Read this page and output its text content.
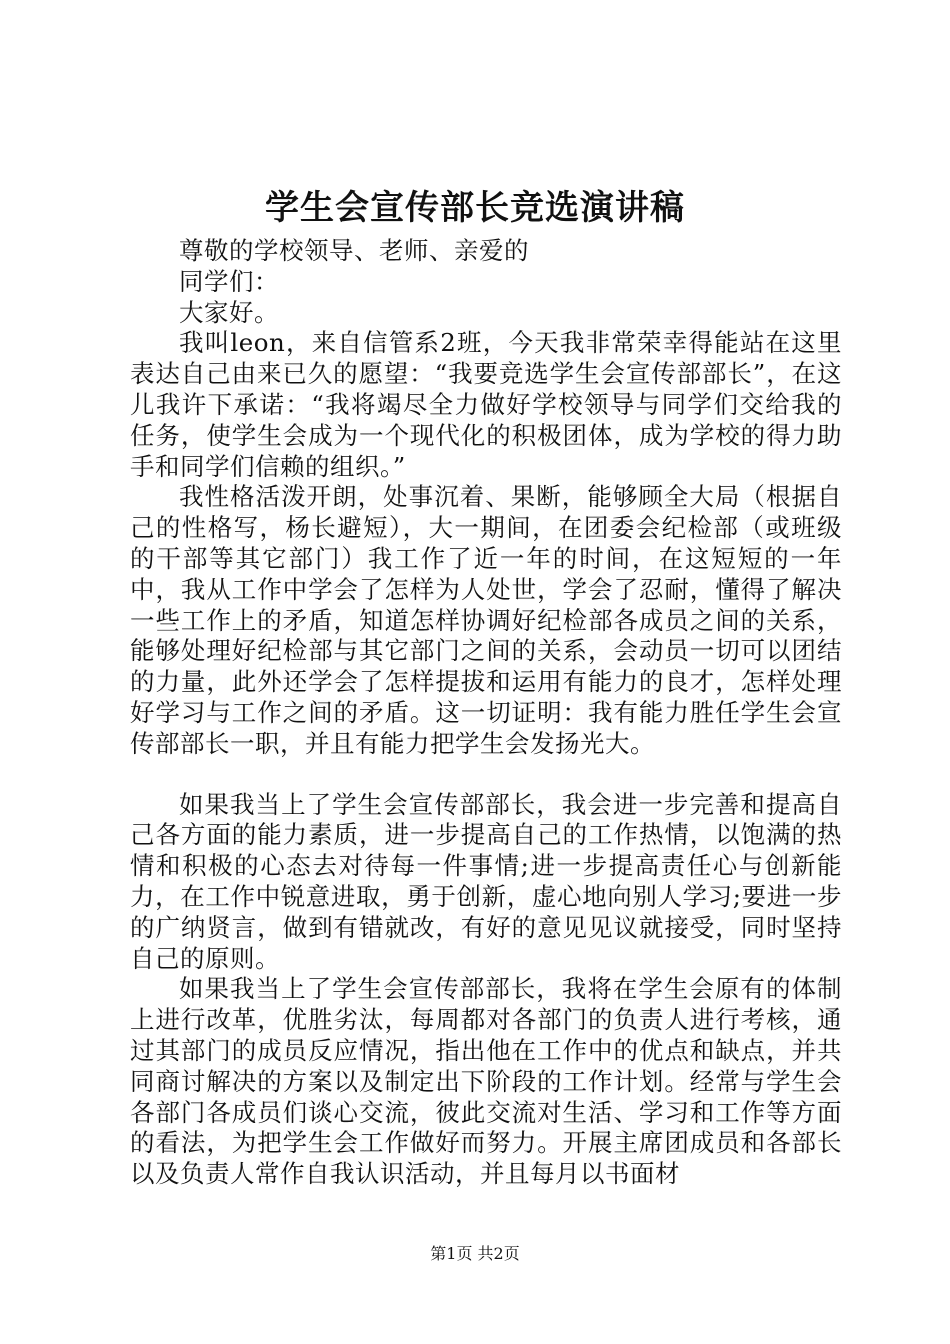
学生会宣传部长竞选演讲稿

尊敬的学校领导、老师、亲爱的

同学们：

大家好。

我叫leon，来自信管系2班，今天我非常荣幸得能站在这里表达自己由来已久的愿望：“我要竞选学生会宣传部部长”，在这儿我许下承诺：“我将竭尽全力做好学校领导与同学们交给我的任务，使学生会成为一个现代化的积极团体，成为学校的得力助手和同学们信赖的组织。”

我性格活泼开朗，处事沉着、果断，能够顾全大局（根据自己的性格写，杨长避短），大一期间，在团委会纪检部（或班级的干部等其它部门）我工作了近一年的时间，在这短短的一年中，我从工作中学会了怎样为人处世，学会了忍耐，懂得了解决一些工作上的矛盾，知道怎样协调好纪检部各成员之间的关系，能够处理好纪检部与其它部门之间的关系，会动员一切可以团结的力量，此外还学会了怎样提拔和运用有能力的良才，怎样处理好学习与工作之间的矛盾。这一切证明：我有能力胜任学生会宣传部部长一职，并且有能力把学生会发扬光大。

如果我当上了学生会宣传部部长，我会进一步完善和提高自己各方面的能力素质，进一步提高自己的工作热情，以饱满的热情和积极的心态去对待每一件事情;进一步提高责任心与创新能力，在工作中锐意进取，勇于创新，虚心地向别人学习;要进一步的广纳贤言，做到有错就改，有好的意见见议就接受，同时坚持自己的原则。

如果我当上了学生会宣传部部长，我将在学生会原有的体制上进行改革，优胜劣汰，每周都对各部门的负责人进行考核，通过其部门的成员反应情况，指出他在工作中的优点和缺点，并共同商讨解决的方案以及制定出下阶段的工作计划。经常与学生会各部门各成员们谈心交流，彼此交流对生活、学习和工作等方面的看法，为把学生会工作做好而努力。开展主席团成员和各部长以及负责人常作自我认识活动，并且每月以书面材

第1页 共2页
